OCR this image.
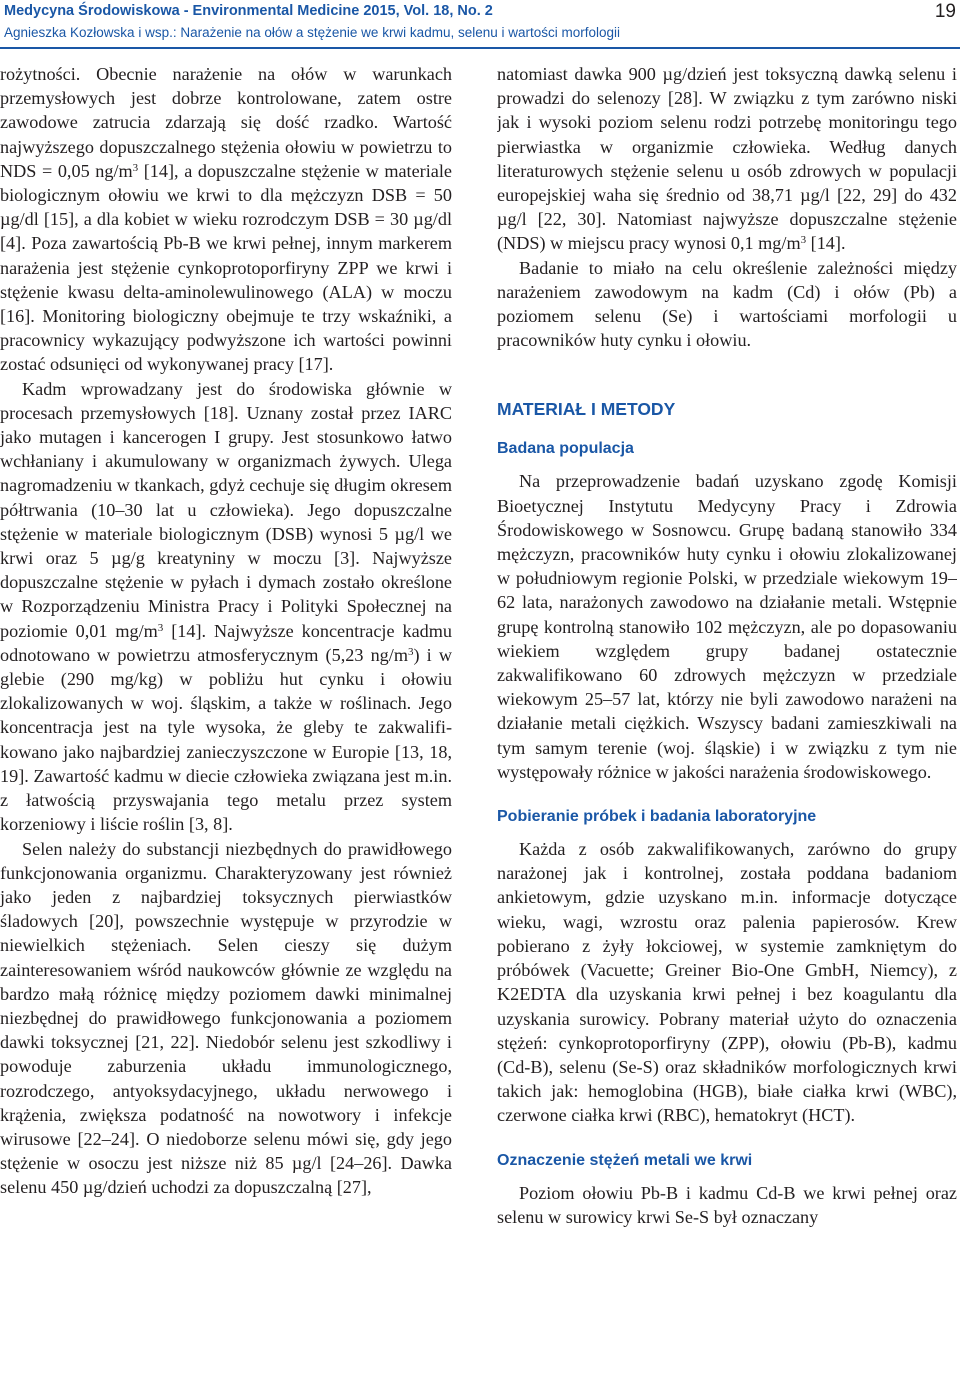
Medycyna Środowiskowa - Environmental Medicine 2015, Vol. 18, No. 2
Agnieszka Kozłowska i wsp.: Narażenie na ołów a stężenie we krwi kadmu, selenu i wartości morfologii
19

rożytności. Obecnie narażenie na ołów w warunkach przemysłowych jest dobrze kontrolowane, zatem ostre zawodowe zatrucia zdarzają się dość rzadko. Wartość najwyższego dopuszczalnego stężenia ołowiu w powietrzu to NDS = 0,05 $ng/m^3$ [14], a dopuszczalne stężenie w materiale biologicznym ołowiu we krwi to dla mężczyzn DSB = 50 µg/dl [15], a dla kobiet w wieku rozrodczym DSB = 30 µg/dl [4]. Poza zawartością Pb-B we krwi pełnej, innym markerem narażenia jest stężenie cynkoprotoporfiryny ZPP we krwi i stężenie kwasu delta-aminolewulinowego (ALA) w moczu [16]. Monitoring biologiczny obejmuje te trzy wskaźniki, a pracownicy wykazujący podwyższone ich wartości powinni zostać odsunięci od wykonywanej pracy [17].

Kadm wprowadzany jest do środowiska głównie w procesach przemysłowych [18]. Uznany został przez IARC jako mutagen i kancerogen I grupy. Jest stosunkowo łatwo wchłaniany i akumulowany w organizmach żywych. Ulega nagromadzeniu w tkankach, gdyż cechuje się długim okresem półtrwania (10–30 lat u człowieka). Jego dopuszczalne stężenie w materiale biologicznym (DSB) wynosi 5 µg/l we krwi oraz 5 µg/g kreatyniny w moczu [3]. Najwyższe dopuszczalne stężenie w pyłach i dymach zostało określone w Rozporządzeniu Ministra Pracy i Polityki Społecznej na poziomie 0,01 $mg/m^3$ [14]. Najwyższe koncentracje kadmu odnotowano w powietrzu atmosferycznym (5,23 $ng/m^3$) i w glebie (290 mg/kg) w pobliżu hut cynku i ołowiu zlokalizowanych w woj. śląskim, a także w roślinach. Jego koncentracja jest na tyle wysoka, że gleby te zakwalifikowano jako najbardziej zanieczyszczone w Europie [13, 18, 19]. Zawartość kadmu w diecie człowieka związana jest m.in. z łatwością przyswajania tego metalu przez system korzeniowy i liście roślin [3, 8].

Selen należy do substancji niezbędnych do prawidłowego funkcjonowania organizmu. Charakteryzowany jest również jako jeden z najbardziej toksycznych pierwiastków śladowych [20], powszechnie występuje w przyrodzie w niewielkich stężeniach. Selen cieszy się dużym zainteresowaniem wśród naukowców głównie ze względu na bardzo małą różnicę między poziomem dawki minimalnej niezbędnej do prawidłowego funkcjonowania a poziomem dawki toksycznej [21, 22]. Niedobór selenu jest szkodliwy i powoduje zaburzenia układu immunologicznego, rozrodczego, antyoksydacyjnego, układu nerwowego i krążenia, zwiększa podatność na nowotwory i infekcje wirusowe [22–24]. O niedoborze selenu mówi się, gdy jego stężenie w osoczu jest niższe niż 85 µg/l [24–26]. Dawka selenu 450 µg/dzień uchodzi za dopuszczalną [27],

natomiast dawka 900 µg/dzień jest toksyczną dawką selenu i prowadzi do selenozy [28]. W związku z tym zarówno niski jak i wysoki poziom selenu rodzi potrzebę monitoringu tego pierwiastka w organizmie człowieka. Według danych literaturowych stężenie selenu u osób zdrowych w populacji europejskiej waha się średnio od 38,71 µg/l [22, 29] do 432 µg/l [22, 30]. Natomiast najwyższe dopuszczalne stężenie (NDS) w miejscu pracy wynosi 0,1 $mg/m^3$ [14].

Badanie to miało na celu określenie zależności między narażeniem zawodowym na kadm (Cd) i ołów (Pb) a poziomem selenu (Se) i wartościami morfologii u pracowników huty cynku i ołowiu.

MATERIAŁ I METODY
Badana populacja

Na przeprowadzenie badań uzyskano zgodę Komisji Bioetycznej Instytutu Medycyny Pracy i Zdrowia Środowiskowego w Sosnowcu. Grupę badaną stanowiło 334 mężczyzn, pracowników huty cynku i ołowiu zlokalizowanej w południowym regionie Polski, w przedziale wiekowym 19–62 lata, narażonych zawodowo na działanie metali. Wstępnie grupę kontrolną stanowiło 102 mężczyzn, ale po dopasowaniu wiekiem względem grupy badanej ostatecznie zakwalifikowano 60 zdrowych mężczyzn w przedziale wiekowym 25–57 lat, którzy nie byli zawodowo narażeni na działanie metali ciężkich. Wszyscy badani zamieszkiwali na tym samym terenie (woj. śląskie) i w związku z tym nie występowały różnice w jakości narażenia środowiskowego.

Pobieranie próbek i badania laboratoryjne

Każda z osób zakwalifikowanych, zarówno do grupy narażonej jak i kontrolnej, została poddana badaniom ankietowym, gdzie uzyskano m.in. informacje dotyczące wieku, wagi, wzrostu oraz palenia papierosów. Krew pobierano z żyły łokciowej, w systemie zamkniętym do próbówek (Vacuette; Greiner Bio-One GmbH, Niemcy), z K2EDTA dla uzyskania krwi pełnej i bez koagulantu dla uzyskania surowicy. Pobrany materiał użyto do oznaczenia stężeń: cynkoprotoporfiryny (ZPP), ołowiu (Pb-B), kadmu (Cd-B), selenu (Se-S) oraz składników morfologicznych krwi takich jak: hemoglobina (HGB), białe ciałka krwi (WBC), czerwone ciałka krwi (RBC), hematokryt (HCT).

Oznaczenie stężeń metali we krwi

Poziom ołowiu Pb-B i kadmu Cd-B we krwi pełnej oraz selenu w surowicy krwi Se-S był oznaczany
